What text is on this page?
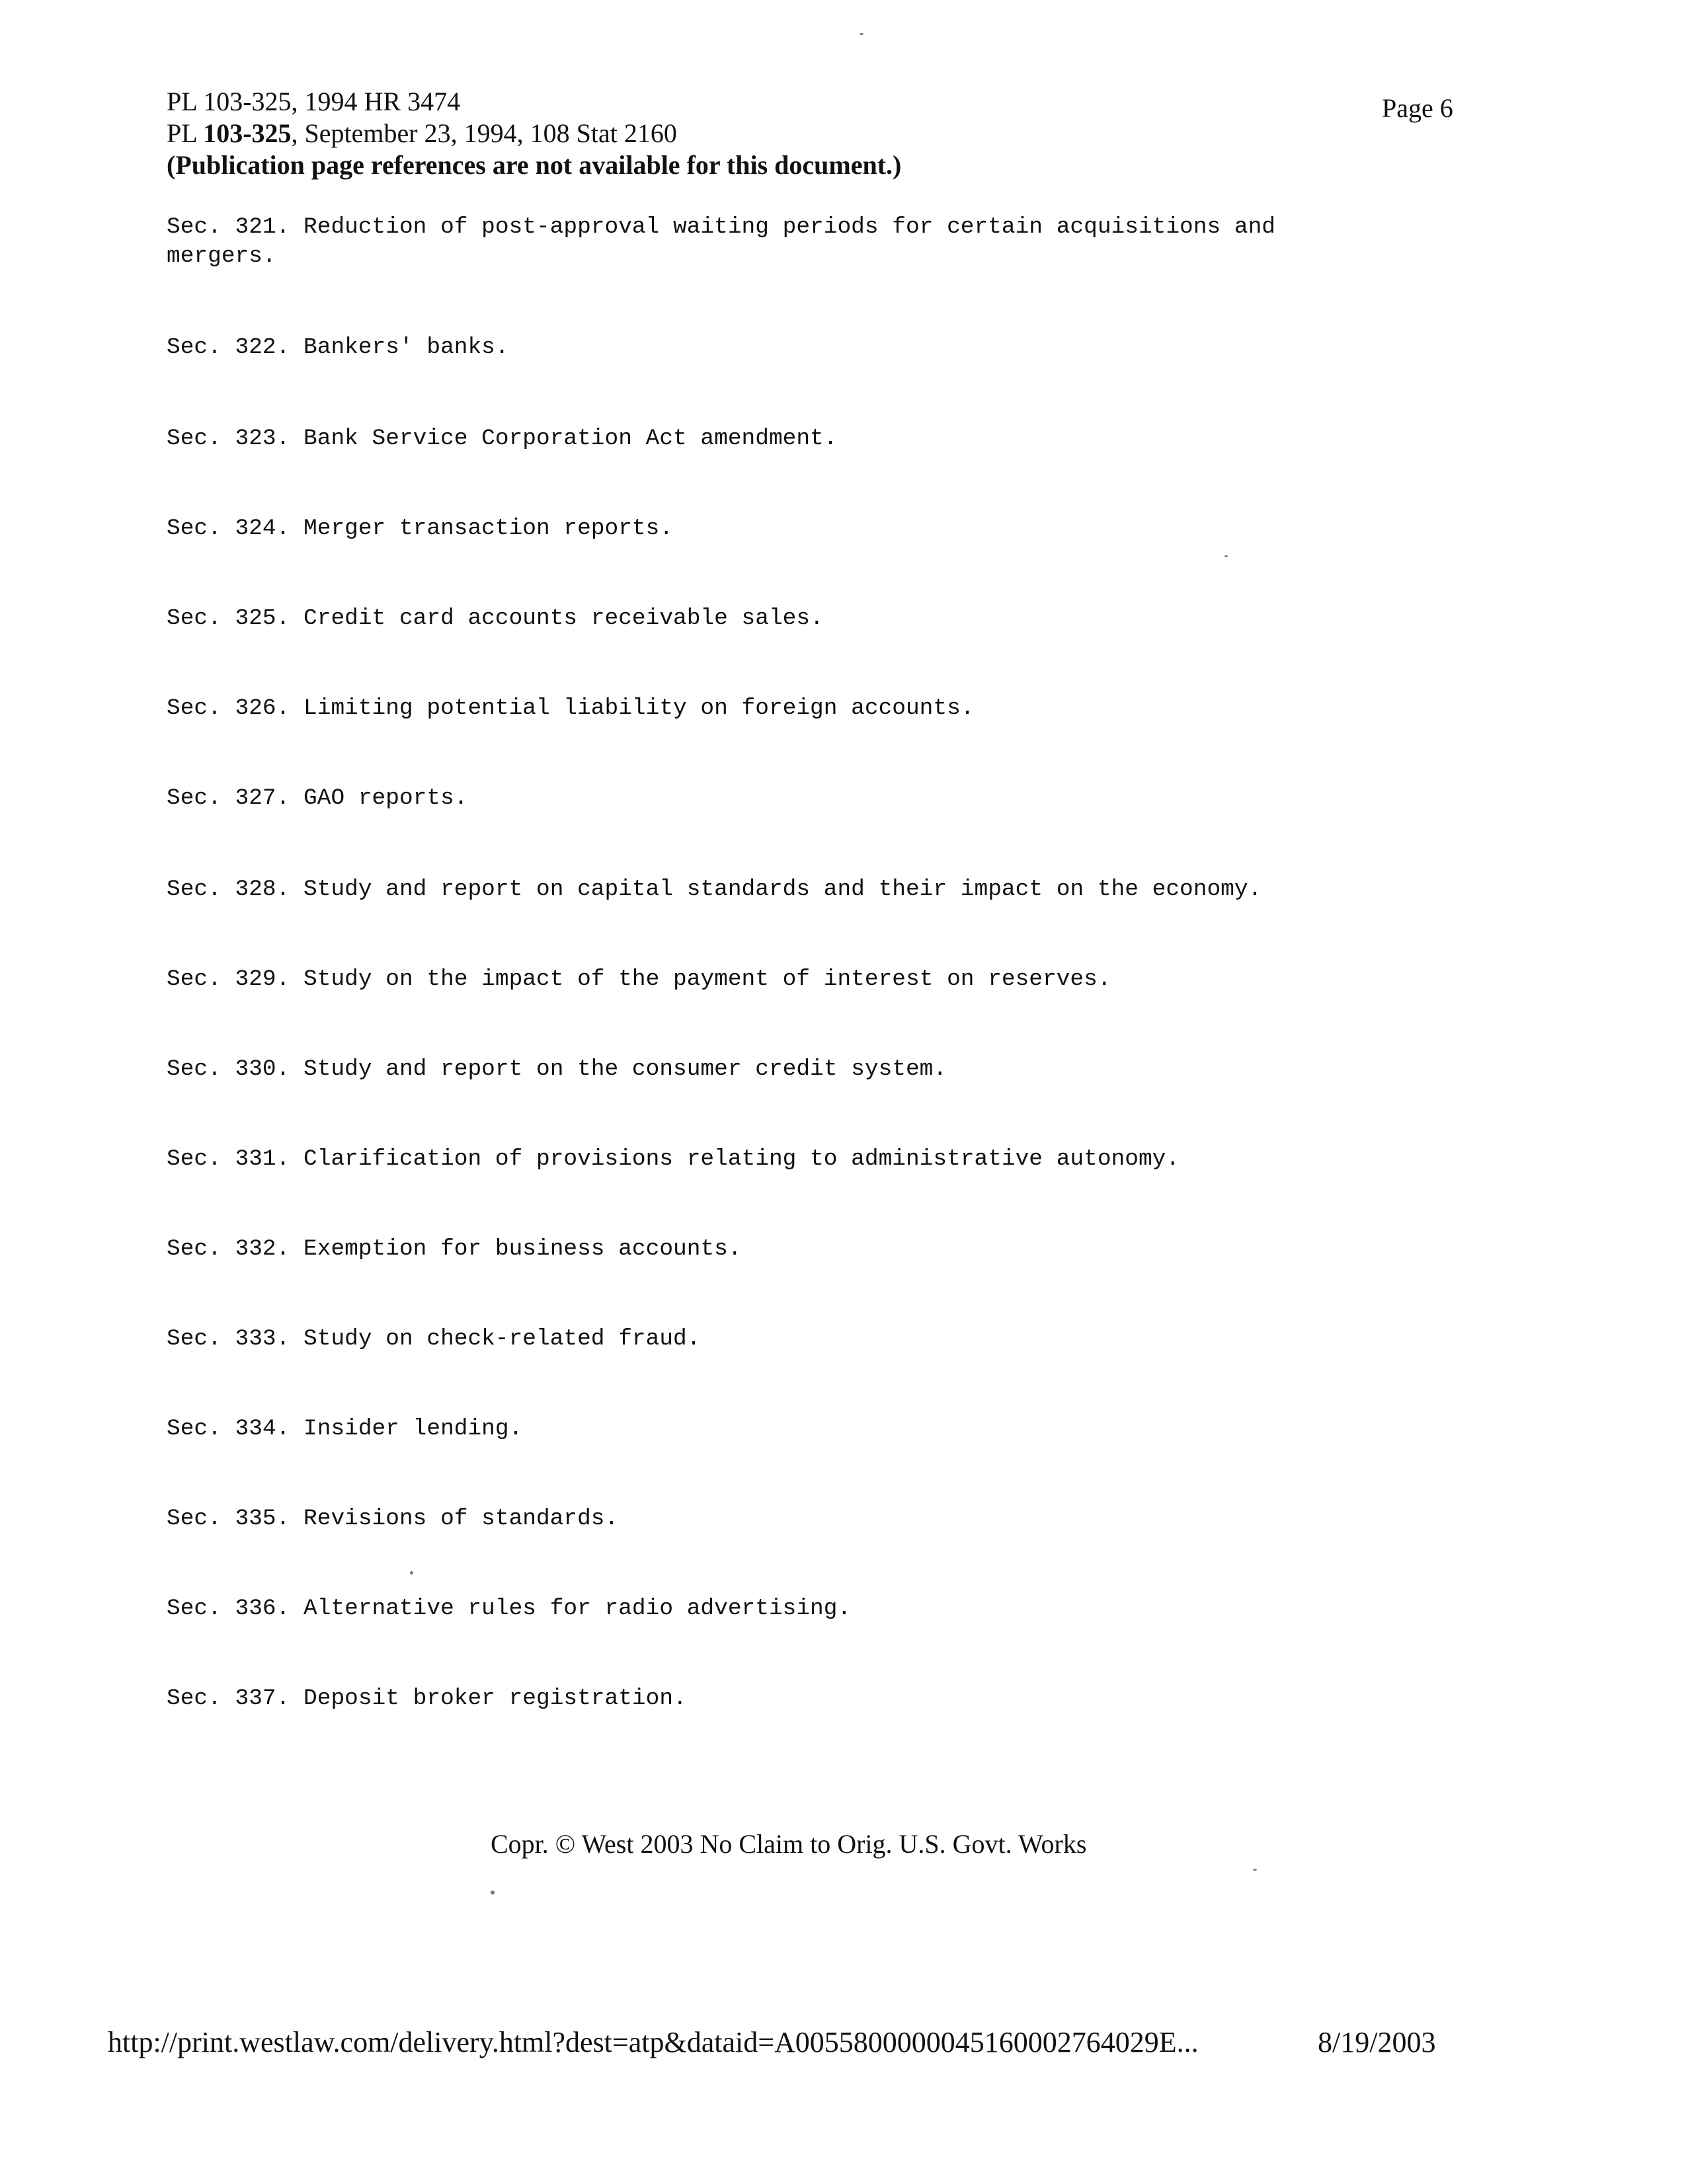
PL 103-325, 1994 HR 3474
PL 103-325, September 23, 1994, 108 Stat 2160
(Publication page references are not available for this document.)
Page 6

Sec. 321. Reduction of post-approval waiting periods for certain acquisitions and mergers.

Sec. 322. Bankers' banks.

Sec. 323. Bank Service Corporation Act amendment.

Sec. 324. Merger transaction reports.

Sec. 325. Credit card accounts receivable sales.

Sec. 326. Limiting potential liability on foreign accounts.

Sec. 327. GAO reports.

Sec. 328. Study and report on capital standards and their impact on the economy.

Sec. 329. Study on the impact of the payment of interest on reserves.

Sec. 330. Study and report on the consumer credit system.

Sec. 331. Clarification of provisions relating to administrative autonomy.

Sec. 332. Exemption for business accounts.

Sec. 333. Study on check-related fraud.

Sec. 334. Insider lending.

Sec. 335. Revisions of standards.

Sec. 336. Alternative rules for radio advertising.

Sec. 337. Deposit broker registration.

Copr. © West 2003 No Claim to Orig. U.S. Govt. Works
http://print.westlaw.com/delivery.html?dest=atp&dataid=A005580000004516000276402​9E...	8/19/2003
